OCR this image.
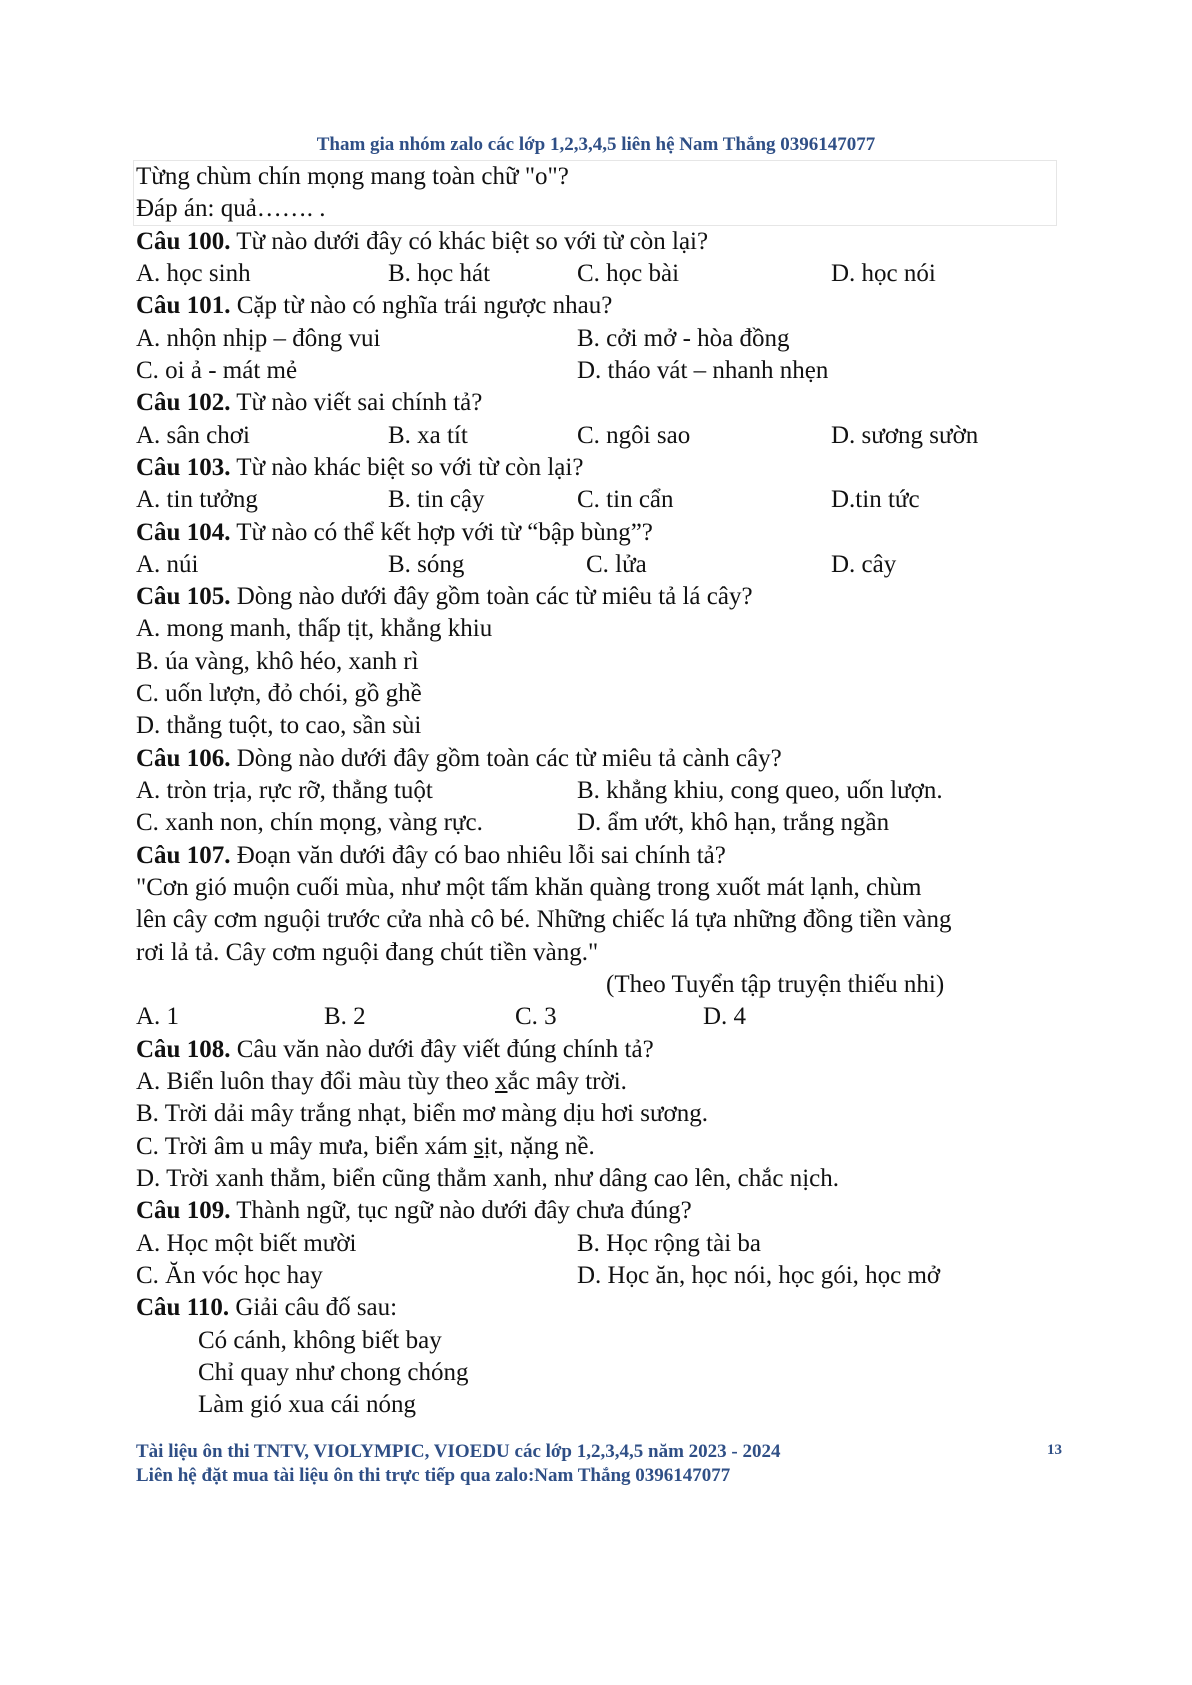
Tham gia nhóm zalo các lớp 1,2,3,4,5 liên hệ Nam Thắng 0396147077
Từng chùm chín mọng mang toàn chữ "o"?
Đáp án: quả……. .
Câu 100. Từ nào dưới đây có khác biệt so với từ còn lại?
A. học sinh	B. học hát	C. học bài	D. học nói
Câu 101. Cặp từ nào có nghĩa trái ngược nhau?
A. nhộn nhịp – đông vui	B. cởi mở - hòa đồng
C. oi ả - mát mẻ	D. tháo vát – nhanh nhẹn
Câu 102. Từ nào viết sai chính tả?
A. sân chơi	B. xa tít	C. ngôi sao	D. sương sườn
Câu 103. Từ nào khác biệt so với từ còn lại?
A. tin tưởng	B. tin cậy	C. tin cẩn	D.tin tức
Câu 104. Từ nào có thể kết hợp với từ “bập bùng”?
A. núi	B. sóng	C. lửa	D. cây
Câu 105. Dòng nào dưới đây gồm toàn các từ miêu tả lá cây?
A. mong manh, thấp tịt, khẳng khiu
B. úa vàng, khô héo, xanh rì
C. uốn lượn, đỏ chói, gồ ghề
D. thẳng tuột, to cao, sần sùi
Câu 106. Dòng nào dưới đây gồm toàn các từ miêu tả cành cây?
A. tròn trịa, rực rỡ, thẳng tuột	B. khẳng khiu, cong queo, uốn lượn.
C. xanh non, chín mọng, vàng rực.	D. ẩm ướt, khô hạn, trắng ngần
Câu 107. Đoạn văn dưới đây có bao nhiêu lỗi sai chính tả?
"Cơn gió muộn cuối mùa, như một tấm khăn quàng trong xuốt mát lạnh, chùm
lên cây cơm nguội trước cửa nhà cô bé. Những chiếc lá tựa những đồng tiền vàng
rơi lả tả. Cây cơm nguội đang chút tiền vàng."
(Theo Tuyển tập truyện thiếu nhi)
A. 1	B. 2	C. 3	D. 4
Câu 108. Câu văn nào dưới đây viết đúng chính tả?
A. Biển luôn thay đổi màu tùy theo xắc mây trời.
B. Trời dải mây trắng nhạt, biển mơ màng dịu hơi sương.
C. Trời âm u mây mưa, biển xám sịt, nặng nề.
D. Trời xanh thẳm, biển cũng thẳm xanh, như dâng cao lên, chắc nịch.
Câu 109. Thành ngữ, tục ngữ nào dưới đây chưa đúng?
A. Học một biết mười	B. Học rộng tài ba
C. Ăn vóc học hay	D. Học ăn, học nói, học gói, học mở
Câu 110. Giải câu đố sau:
Có cánh, không biết bay
Chỉ quay như chong chóng
Làm gió xua cái nóng
Tài liệu ôn thi TNTV, VIOLYMPIC, VIOEDU các lớp 1,2,3,4,5 năm 2023 - 2024
Liên hệ đặt mua tài liệu ôn thi trực tiếp qua zalo:Nam Thắng 0396147077
13
